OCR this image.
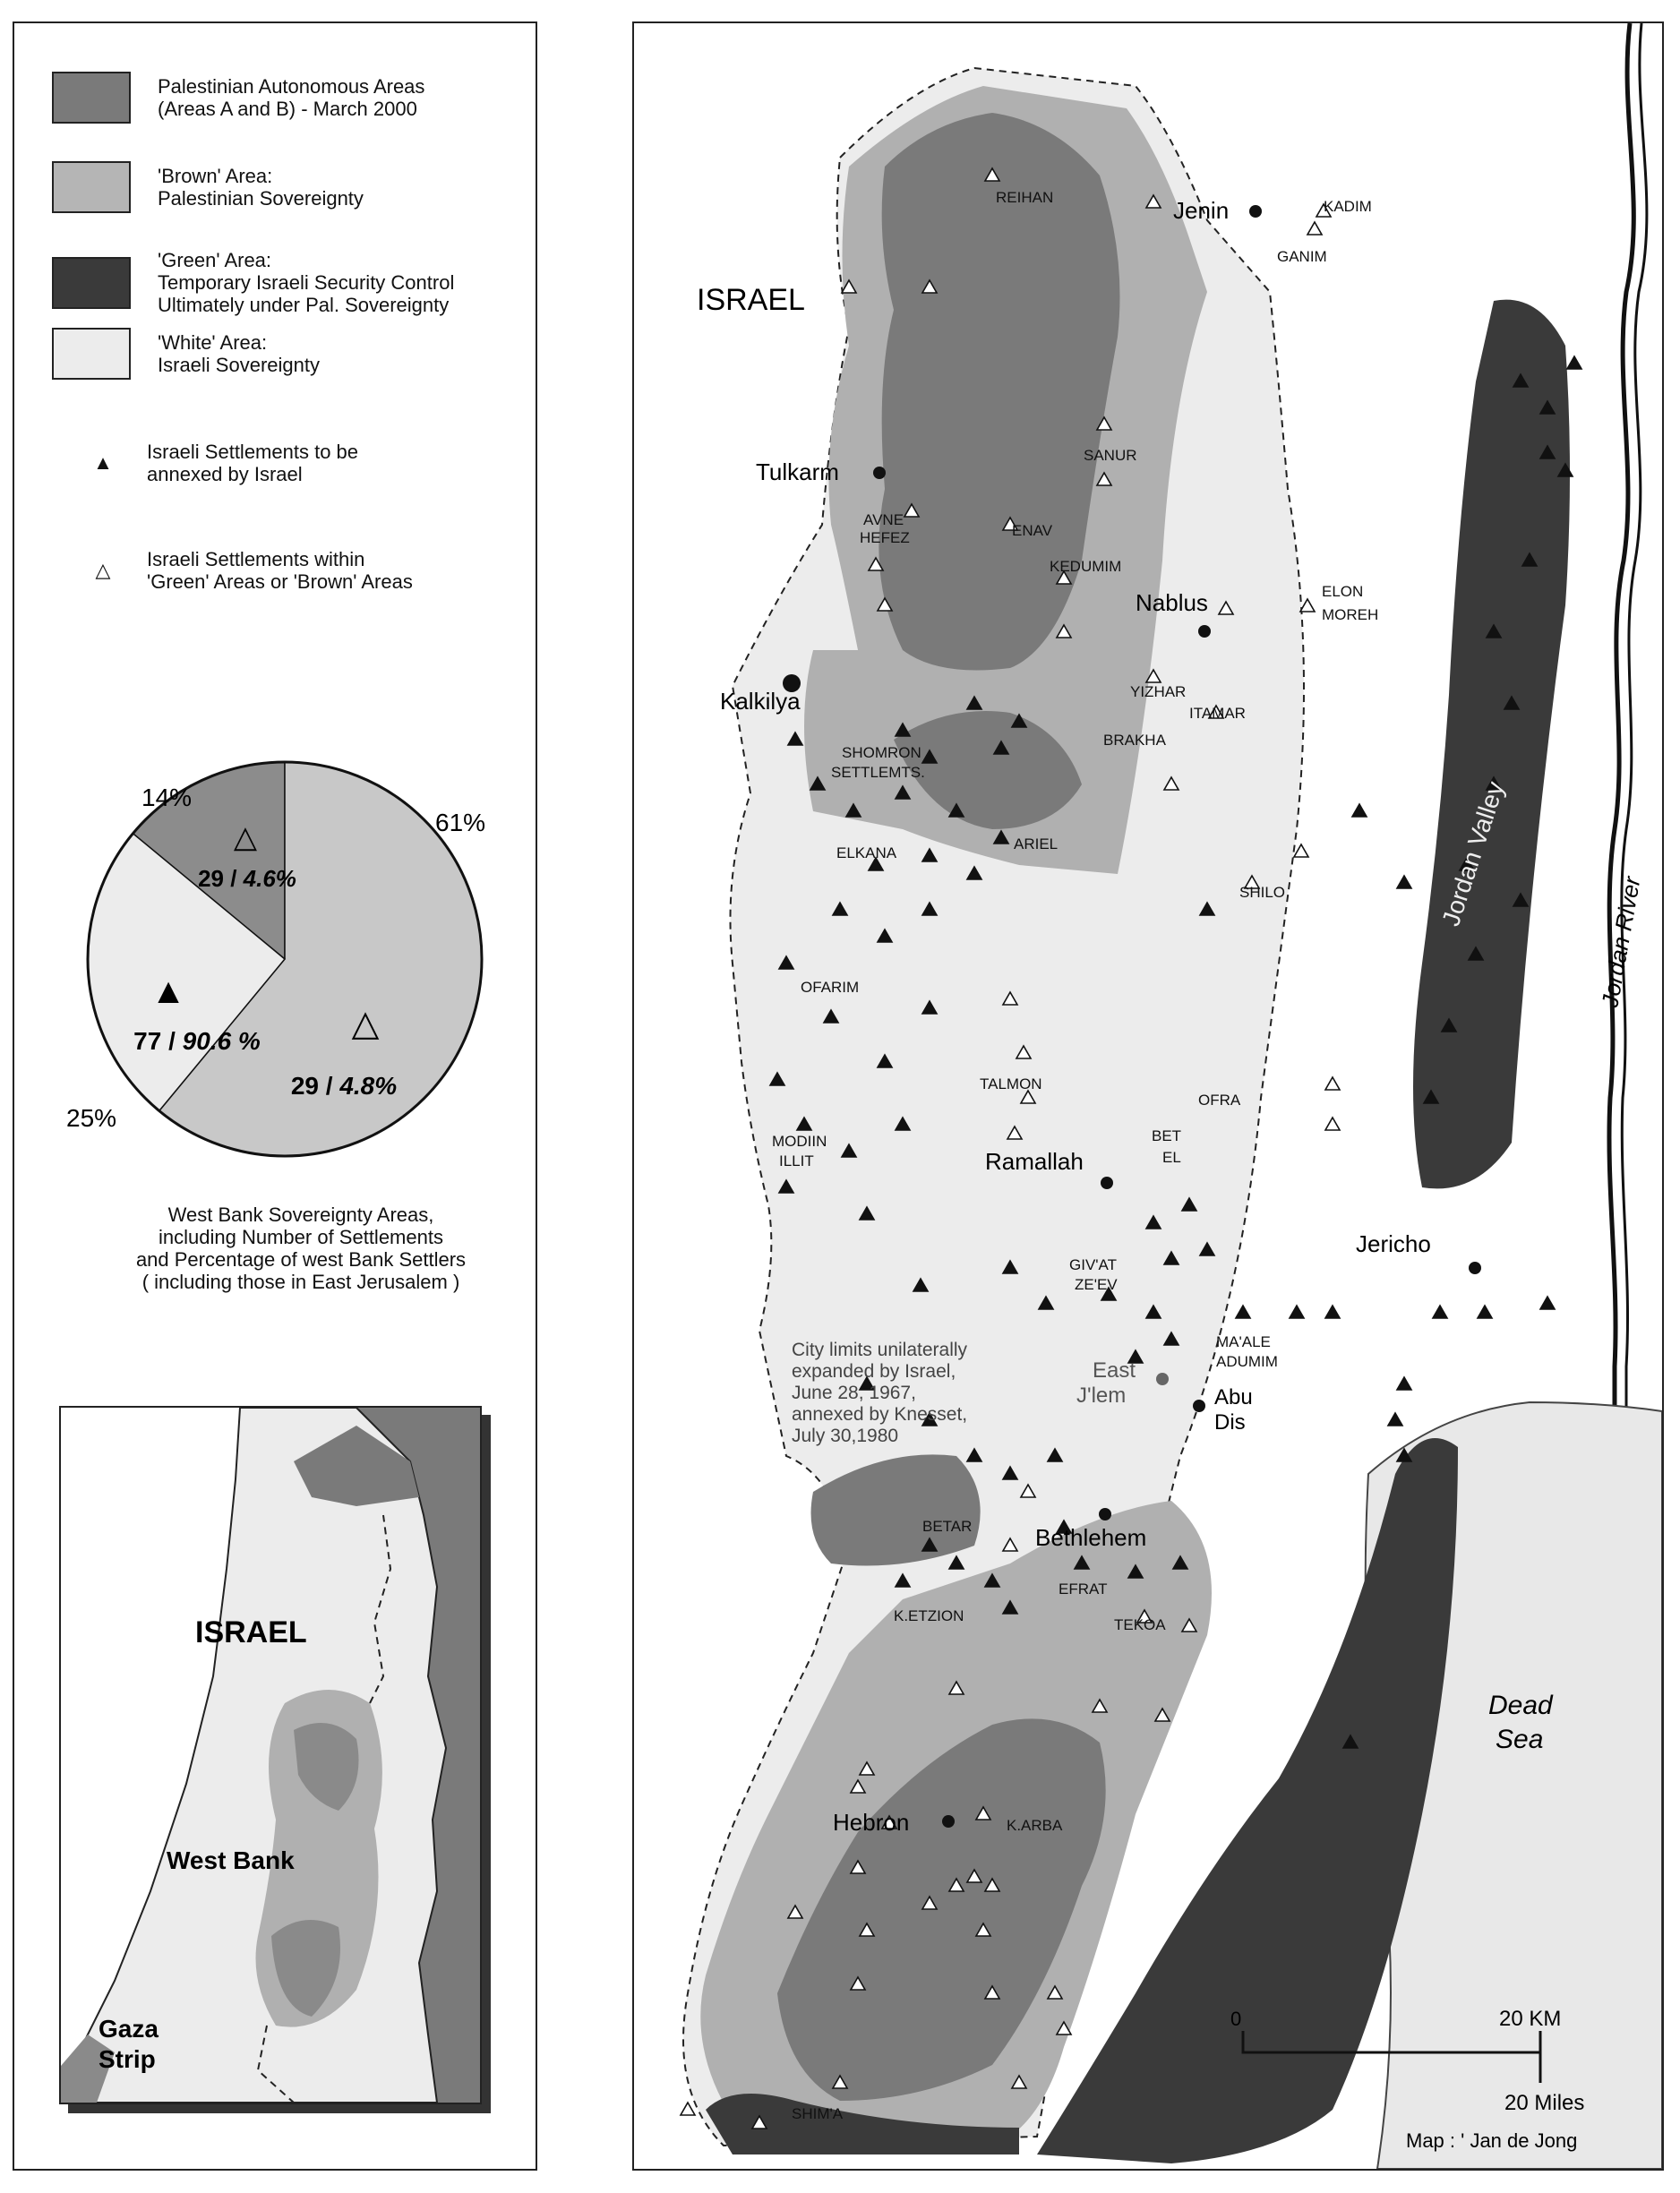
Palestinian Autonomous Areas
(Areas A and B) - March 2000
'Brown' Area:
Palestinian Sovereignty
'Green' Area:
Temporary Israeli Security Control
Ultimately under Pal. Sovereignty
'White' Area:
Israeli Sovereignty
▲	Israeli Settlements to be
annexed by Israel
△	Israeli Settlements within
'Green' Areas or 'Brown' Areas
14%
61%
25%
△
29 / 4.6%
△
29 / 4.8%
▲
77 / 90.6 %
West Bank Sovereignty Areas,
including Number of Settlements
and Percentage of west Bank Settlers
( including those in East Jerusalem )
ISRAEL
West Bank
Gaza
Strip
ISRAEL
Jenin
Tulkarm
Kalkilya
Nablus
Ramallah
Jericho
Bethlehem
Hebron
Abu
Dis
East
J'lem
REIHAN
KADIM
GANIM
SANUR
AVNE
HEFEZ	ENAV
KEDUMIM
ELON
MOREH
YIZHAR
ITAMAR
BRAKHA
SHOMRON
SETTLEMTS.
ELKANA
ARIEL
SHILO
OFARIM
TALMON
OFRA
MODIIN
ILLIT
BET
EL
GIV'AT
ZE'EV
MA'ALE
ADUMIM
BETAR
EFRAT
K.ETZION
TEKOA
K.ARBA
SHIM'A
City limits unilaterally
expanded by Israel,
June 28, 1967,
annexed by Knesset,
July 30,1980
Jordan Valley
Jordan River
Dead
Sea
0	20 KM
20 Miles
Map : ' Jan de Jong
